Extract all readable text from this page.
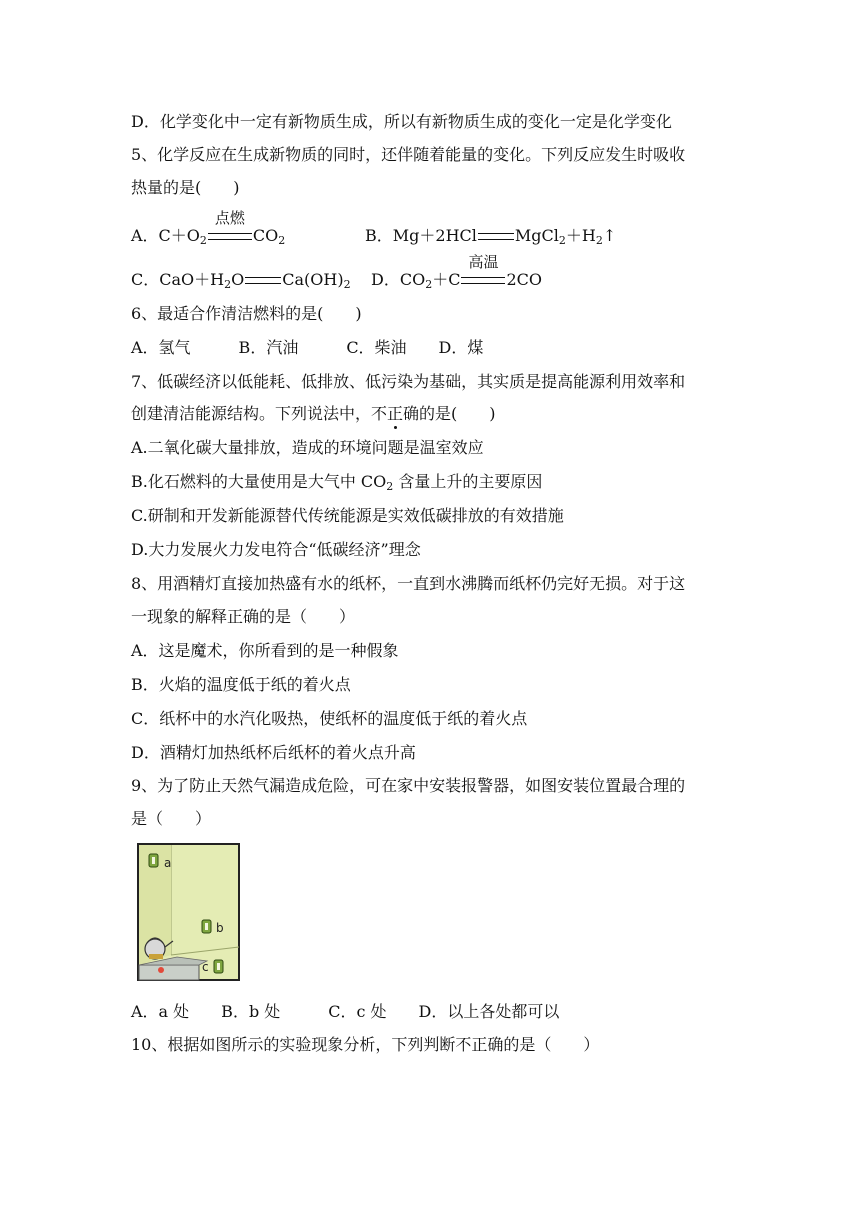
D．化学变化中一定有新物质生成，所以有新物质生成的变化一定是化学变化
5、化学反应在生成新物质的同时，还伴随着能量的变化。下列反应发生时吸收
热量的是(　　)
A．$C+O_2$
点燃
$CO_2$	B．Mg＋2HCl $MgCl_2+H_2↑$
C．$CaO+H_2O$ $Ca(OH)_2$ D．$CO_2+C$
高温
2CO
6、最适合作清洁燃料的是(　　)
A．氢气　　　B．汽油　　　C．柴油　　D．煤
7、低碳经济以低能耗、低排放、低污染为基础，其实质是提高能源利用效率和
创建清洁能源结构。下列说法中，不正确的是(　　)
A.二氧化碳大量排放，造成的环境问题是温室效应
B.化石燃料的大量使用是大气中 $CO_2$ 含量上升的主要原因
C.研制和开发新能源替代传统能源是实效低碳排放的有效措施
D.大力发展火力发电符合“低碳经济”理念
8、用酒精灯直接加热盛有水的纸杯，一直到水沸腾而纸杯仍完好无损。对于这
一现象的解释正确的是（　　）
A．这是魔术，你所看到的是一种假象
B．火焰的温度低于纸的着火点
C．纸杯中的水汽化吸热，使纸杯的温度低于纸的着火点
D．酒精灯加热纸杯后纸杯的着火点升高
9、为了防止天然气漏造成危险，可在家中安装报警器，如图安装位置最合理的
是（　　）
a
b
c
A．a 处　　B．b 处　　　C．c 处　　D．以上各处都可以
10、根据如图所示的实验现象分析，下列判断不正确的是（　　）
